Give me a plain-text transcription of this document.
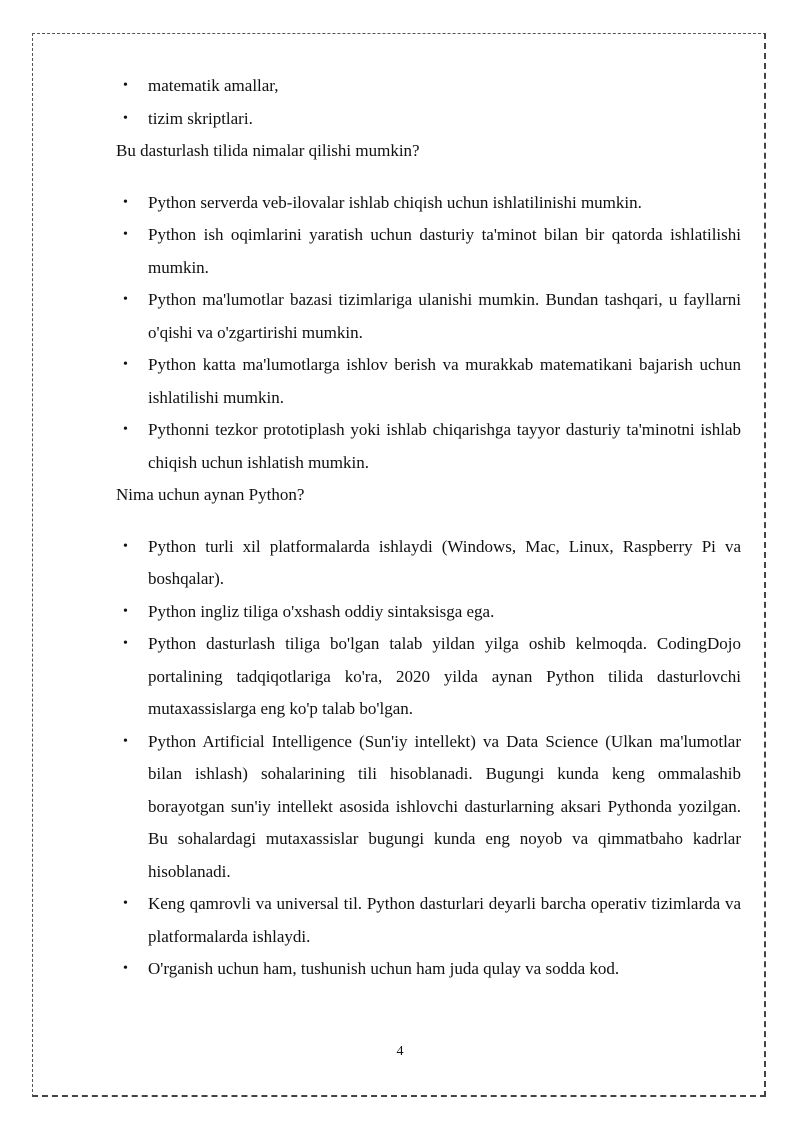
• matematik amallar,
• tizim skriptlari.

Bu dasturlash tilida nimalar qilishi mumkin?

• Python serverda veb-ilovalar ishlab chiqish uchun ishlatilinishi mumkin.
• Python ish oqimlarini yaratish uchun dasturiy ta'minot bilan bir qatorda ishlatilishi mumkin.
• Python ma'lumotlar bazasi tizimlariga ulanishi mumkin. Bundan tashqari, u fayllarni o'qishi va o'zgartirishi mumkin.
• Python katta ma'lumotlarga ishlov berish va murakkab matematikani bajarish uchun ishlatilishi mumkin.
• Pythonni tezkor prototiplash yoki ishlab chiqarishga tayyor dasturiy ta'minotni ishlab chiqish uchun ishlatish mumkin.

Nima uchun aynan Python?

• Python turli xil platformalarda ishlaydi (Windows, Mac, Linux, Raspberry Pi va boshqalar).
• Python ingliz tiliga o'xshash oddiy sintaksisga ega.
• Python dasturlash tiliga bo'lgan talab yildan yilga oshib kelmoqda. CodingDojo portalining tadqiqotlariga ko'ra, 2020 yilda aynan Python tilida dasturlovchi mutaxassislarga eng ko'p talab bo'lgan.
• Python Artificial Intelligence (Sun'iy intellekt) va Data Science (Ulkan ma'lumotlar bilan ishlash) sohalarining tili hisoblanadi. Bugungi kunda keng ommalashib borayotgan sun'iy intellekt asosida ishlovchi dasturlarning aksari Pythonda yozilgan. Bu sohalardagi mutaxassislar bugungi kunda eng noyob va qimmatbaho kadrlar hisoblanadi.
• Keng qamrovli va universal til. Python dasturlari deyarli barcha operativ tizimlarda va platformalarda ishlaydi.
• O'rganish uchun ham, tushunish uchun ham juda qulay va sodda kod.
4
